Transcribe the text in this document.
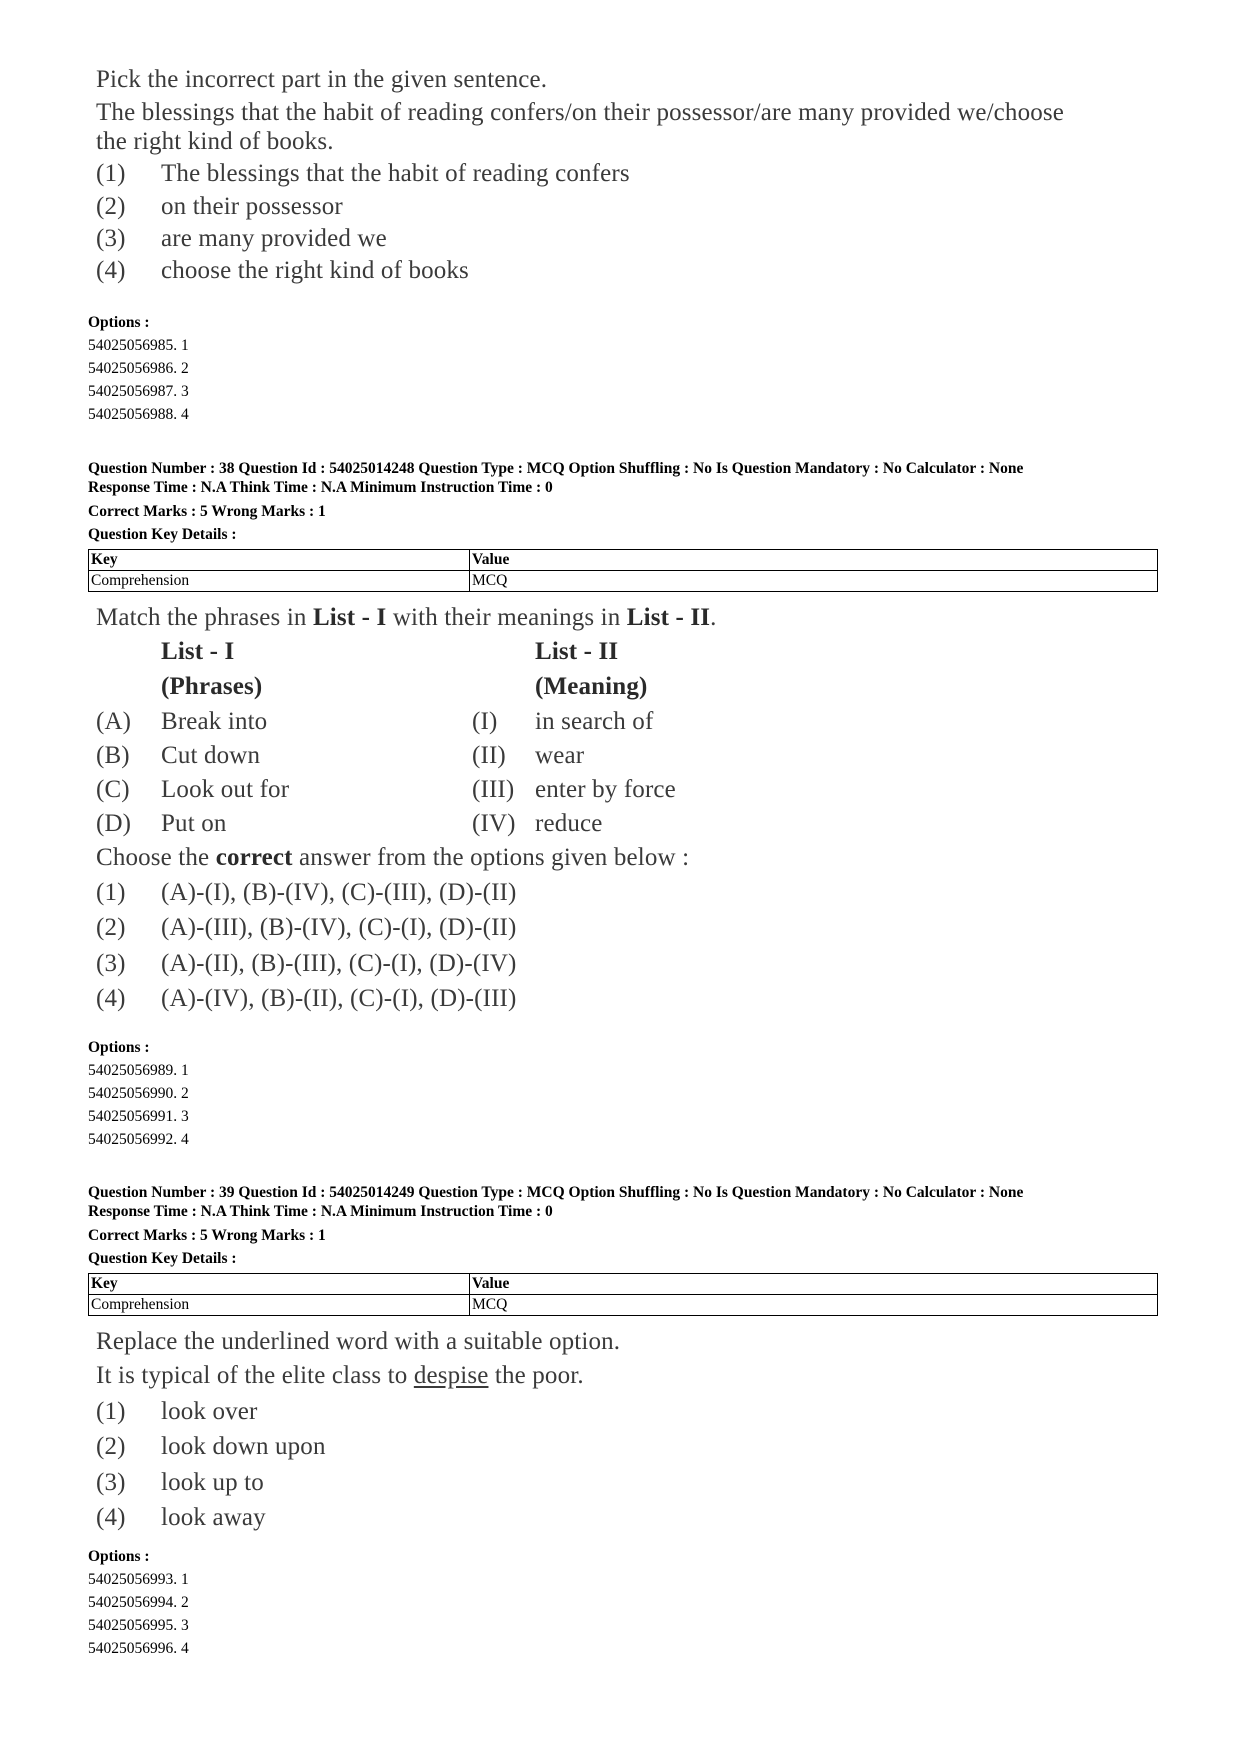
Pick the incorrect part in the given sentence.
The blessings that the habit of reading confers/on their possessor/are many provided we/choose
the right kind of books.
(1) The blessings that the habit of reading confers
(2) on their possessor
(3) are many provided we
(4) choose the right kind of books
Options :
54025056985. 1
54025056986. 2
54025056987. 3
54025056988. 4
Question Number : 38 Question Id : 54025014248 Question Type : MCQ Option Shuffling : No Is Question Mandatory : No Calculator : None
Response Time : N.A Think Time : N.A Minimum Instruction Time : 0
Correct Marks : 5 Wrong Marks : 1
Question Key Details :
Key	Value
Comprehension	MCQ
Match the phrases in List - I with their meanings in List - II.
List - I	List - II
(Phrases)	(Meaning)
(A) Break into	(I) in search of
(B) Cut down	(II) wear
(C) Look out for	(III) enter by force
(D) Put on	(IV) reduce
Choose the correct answer from the options given below :
(1) (A)-(I), (B)-(IV), (C)-(III), (D)-(II)
(2) (A)-(III), (B)-(IV), (C)-(I), (D)-(II)
(3) (A)-(II), (B)-(III), (C)-(I), (D)-(IV)
(4) (A)-(IV), (B)-(II), (C)-(I), (D)-(III)
Options :
54025056989. 1
54025056990. 2
54025056991. 3
54025056992. 4
Question Number : 39 Question Id : 54025014249 Question Type : MCQ Option Shuffling : No Is Question Mandatory : No Calculator : None
Response Time : N.A Think Time : N.A Minimum Instruction Time : 0
Correct Marks : 5 Wrong Marks : 1
Question Key Details :
Key	Value
Comprehension	MCQ
Replace the underlined word with a suitable option.
It is typical of the elite class to despise the poor.
(1) look over
(2) look down upon
(3) look up to
(4) look away
Options :
54025056993. 1
54025056994. 2
54025056995. 3
54025056996. 4
